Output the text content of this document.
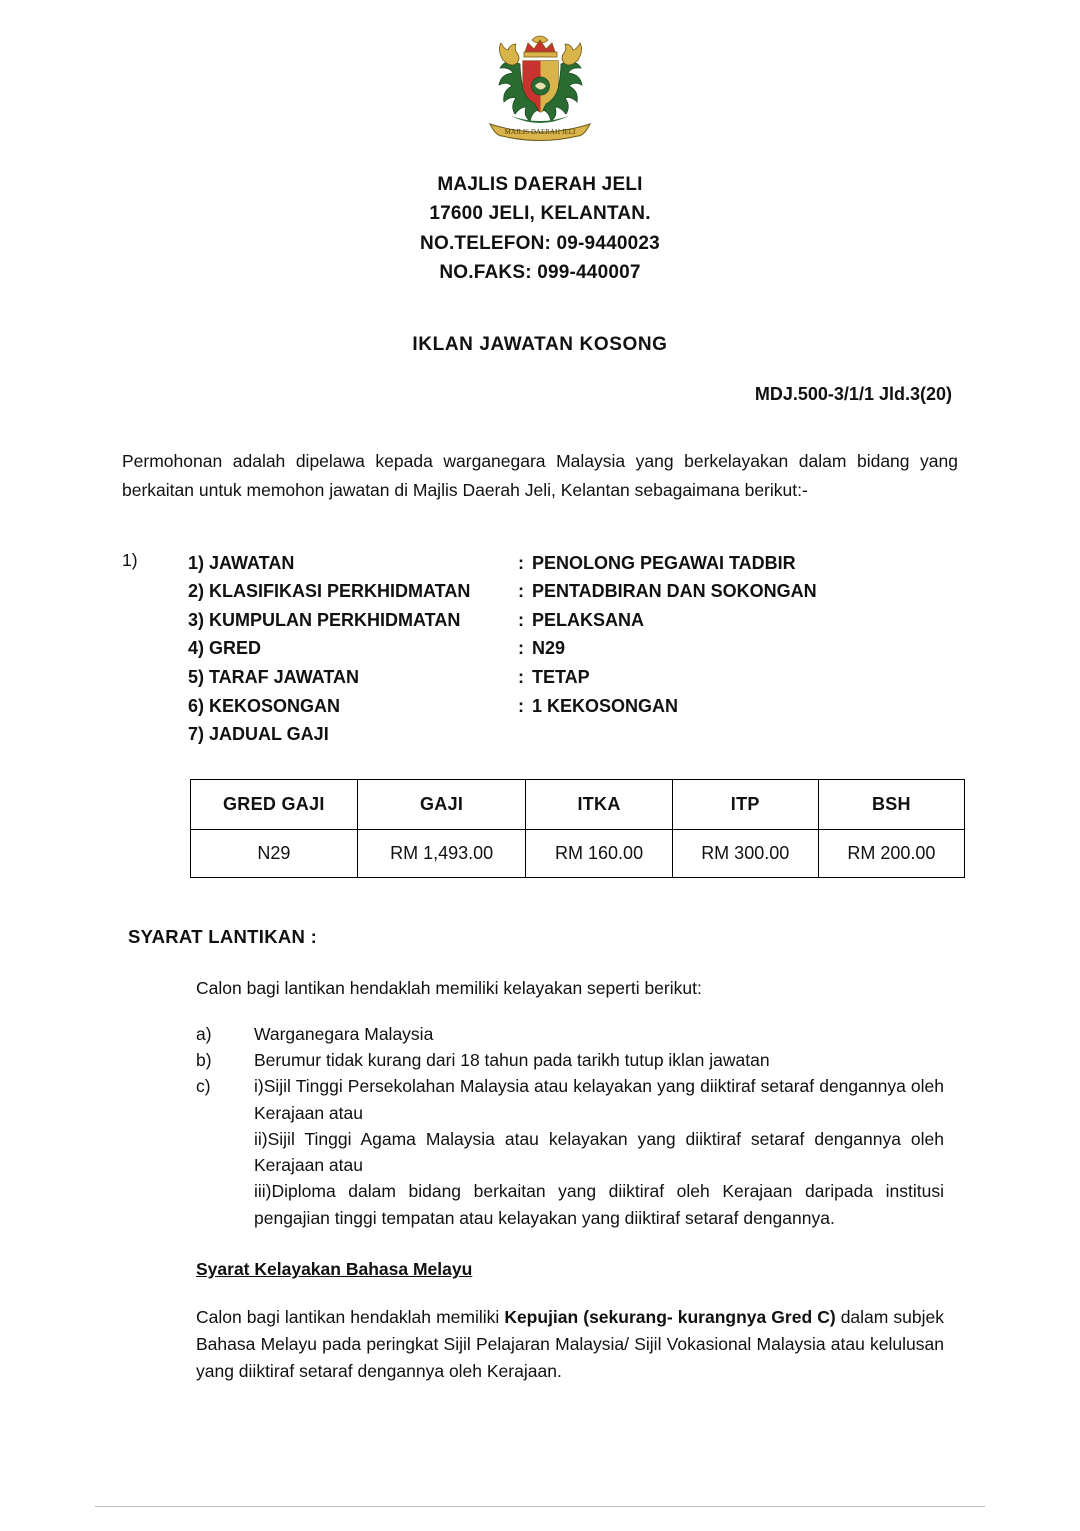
MAJLIS DAERAH JELI
MAJLIS DAERAH JELI
17600 JELI, KELANTAN.
NO.TELEFON: 09-9440023
NO.FAKS: 099-440007
IKLAN JAWATAN KOSONG
MDJ.500-3/1/1 Jld.3(20)
Permohonan adalah dipelawa kepada warganegara Malaysia yang berkelayakan dalam bidang yang berkaitan untuk memohon jawatan di Majlis Daerah Jeli, Kelantan sebagaimana berikut:-
1)	1) JAWATAN	:	PENOLONG PEGAWAI TADBIR
2) KLASIFIKASI PERKHIDMATAN	:	PENTADBIRAN DAN SOKONGAN
3) KUMPULAN PERKHIDMATAN	:	PELAKSANA
4) GRED	:	N29
5) TARAF JAWATAN	:	TETAP
6) KEKOSONGAN	:	1 KEKOSONGAN
7) JADUAL GAJI		
GRED GAJI	GAJI	ITKA	ITP	BSH
N29	RM 1,493.00	RM 160.00	RM 300.00	RM 200.00
SYARAT LANTIKAN :
Calon bagi lantikan hendaklah memiliki kelayakan seperti berikut:
a)	Warganegara Malaysia

b)	Berumur tidak kurang dari 18 tahun pada tarikh tutup iklan jawatan

c)	i)Sijil Tinggi Persekolahan Malaysia atau kelayakan yang diiktiraf setaraf dengannya oleh Kerajaan atau

ii)Sijil Tinggi Agama Malaysia atau kelayakan yang diiktiraf setaraf dengannya oleh Kerajaan atau

iii)Diploma dalam bidang berkaitan yang diiktiraf oleh Kerajaan daripada institusi pengajian tinggi tempatan atau kelayakan yang diiktiraf setaraf dengannya.

Syarat Kelayakan Bahasa Melayu
Calon bagi lantikan hendaklah memiliki Kepujian (sekurang- kurangnya Gred C) dalam subjek Bahasa Melayu pada peringkat Sijil Pelajaran Malaysia/ Sijil Vokasional Malaysia atau kelulusan yang diiktiraf setaraf dengannya oleh Kerajaan.
